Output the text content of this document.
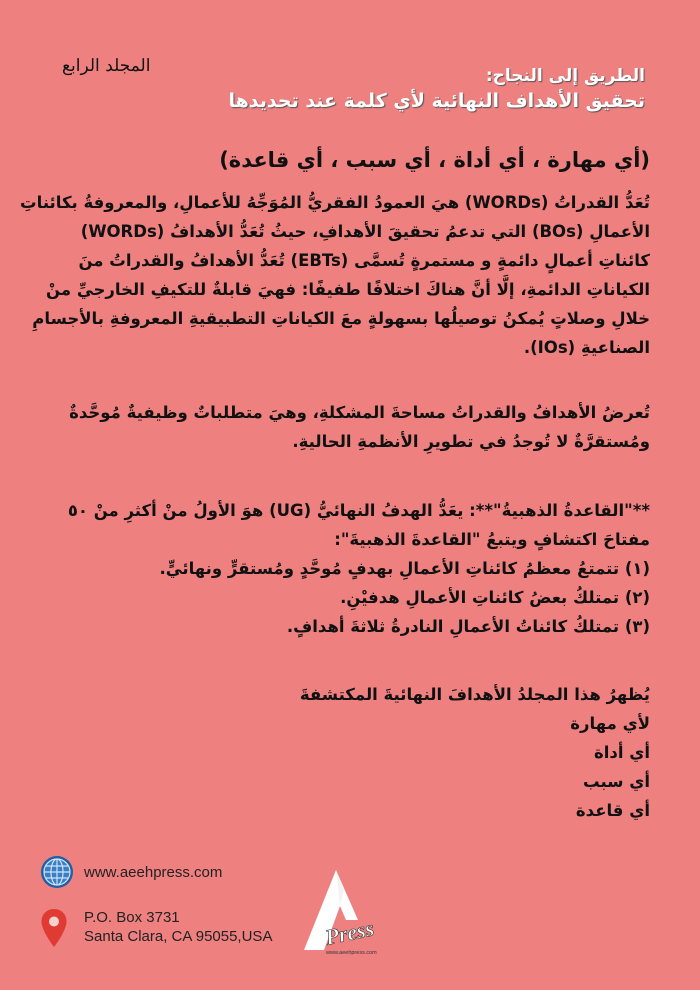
المجلد الرابع	الطريق إلى النجاح:
تحقيق الأهداف النهائية لأي كلمة عند تحديدها
(أي مهارة ، أي أداة ، أي سبب ، أي قاعدة)
تُعَدُّ القدراتُ (WORDs) هيَ العمودُ الفقريُّ المُوَجِّهُ للأعمالِ، والمعروفةُ بكائناتِ
الأعمالِ (BOs) التي تدعمُ تحقيقَ الأهدافِ، حيثُ تُعَدُّ الأهدافُ (WORDs)
كائناتِ أعمالٍ دائمةٍ و مستمرةٍ تُسمَّى (EBTs) تُعَدُّ الأهدافُ والقدراتُ منَ
الكياناتِ الدائمةِ، إلَّا أنَّ هناكَ اختلافًا طفيفًا: فهيَ قابلةٌ للتكيفِ الخارجيِّ منْ
خلالِ وصلاتٍ يُمكنُ توصيلُها بسهولةٍ معَ الكياناتِ التطبيقيةِ المعروفةِ بالأجسامِ
الصناعيةِ (IOs).
تُعرضُ الأهدافُ والقدراتُ مساحةَ المشكلةِ، وهيَ متطلباتٌ وظيفيةٌ مُوحَّدةٌ
ومُستقرَّةٌ لا تُوجدُ في تطويرِ الأنظمةِ الحاليةِ.
**"القاعدةُ الذهبيةُ"**: يعَدُّ الهدفُ النهائيُّ (UG) هوَ الأولُ منْ أكثرِ منْ ٥٠
مفتاحَ اكتشافٍ ويتبعُ "القاعدةَ الذهبيةَ":
(١) تتمتعُ معظمُ كائناتِ الأعمالِ بهدفٍ مُوحَّدٍ ومُستقرٍّ ونهائيٍّ.
(٢) تمتلكُ بعضُ كائناتِ الأعمالِ هدفيْنِ.
(٣) تمتلكُ كائناتُ الأعمالِ النادرةُ ثلاثةَ أهدافٍ.
يُظهرُ هذا المجلدُ الأهدافَ النهائيةَ المكتشفةَ
لأي مهارة
أي أداة
أي سبب
أي قاعدة
www.aeehpress.com
P.O. Box 3731
Santa Clara, CA 95055,USA Press
www.aeehpress.com
